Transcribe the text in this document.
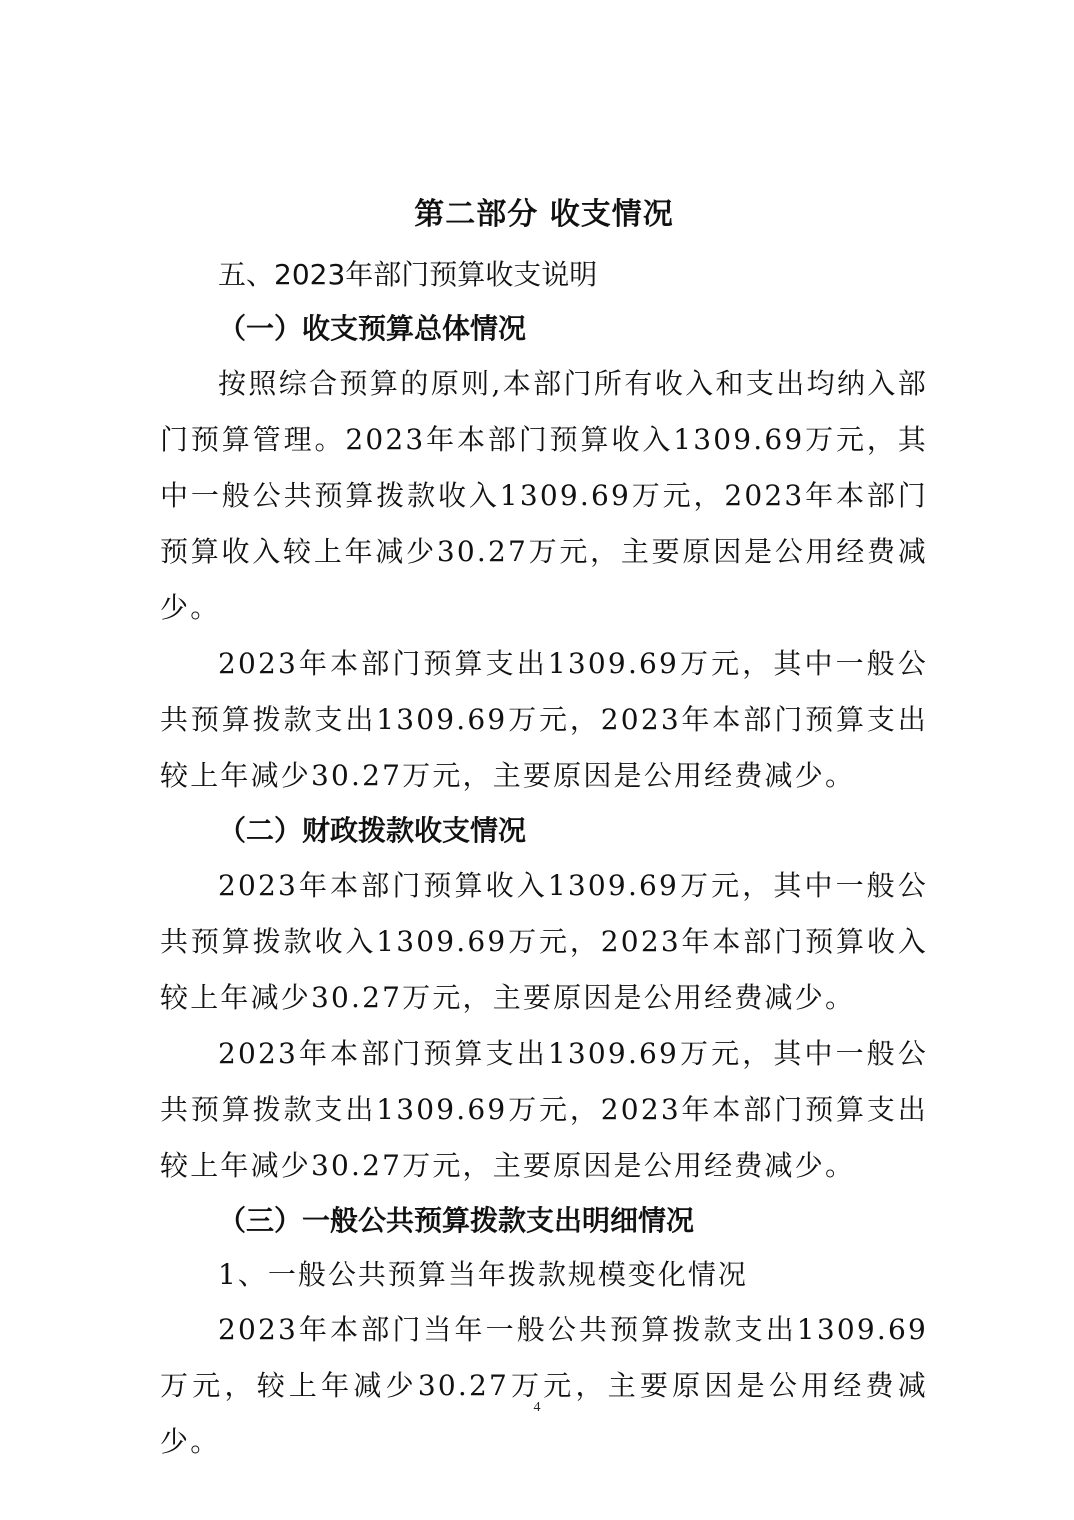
第二部分 收支情况

五、2023年部门预算收支说明

（一）收支预算总体情况

按照综合预算的原则,本部门所有收入和支出均纳入部门预算管理。2023年本部门预算收入1309.69万元，其中一般公共预算拨款收入1309.69万元，2023年本部门预算收入较上年减少30.27万元，主要原因是公用经费减少。

2023年本部门预算支出1309.69万元，其中一般公共预算拨款支出1309.69万元，2023年本部门预算支出较上年减少30.27万元，主要原因是公用经费减少。

（二）财政拨款收支情况

2023年本部门预算收入1309.69万元，其中一般公共预算拨款收入1309.69万元，2023年本部门预算收入较上年减少30.27万元，主要原因是公用经费减少。

2023年本部门预算支出1309.69万元，其中一般公共预算拨款支出1309.69万元，2023年本部门预算支出较上年减少30.27万元，主要原因是公用经费减少。

（三）一般公共预算拨款支出明细情况

1、一般公共预算当年拨款规模变化情况

2023年本部门当年一般公共预算拨款支出1309.69万元，较上年减少30.27万元，主要原因是公用经费减少。

4
